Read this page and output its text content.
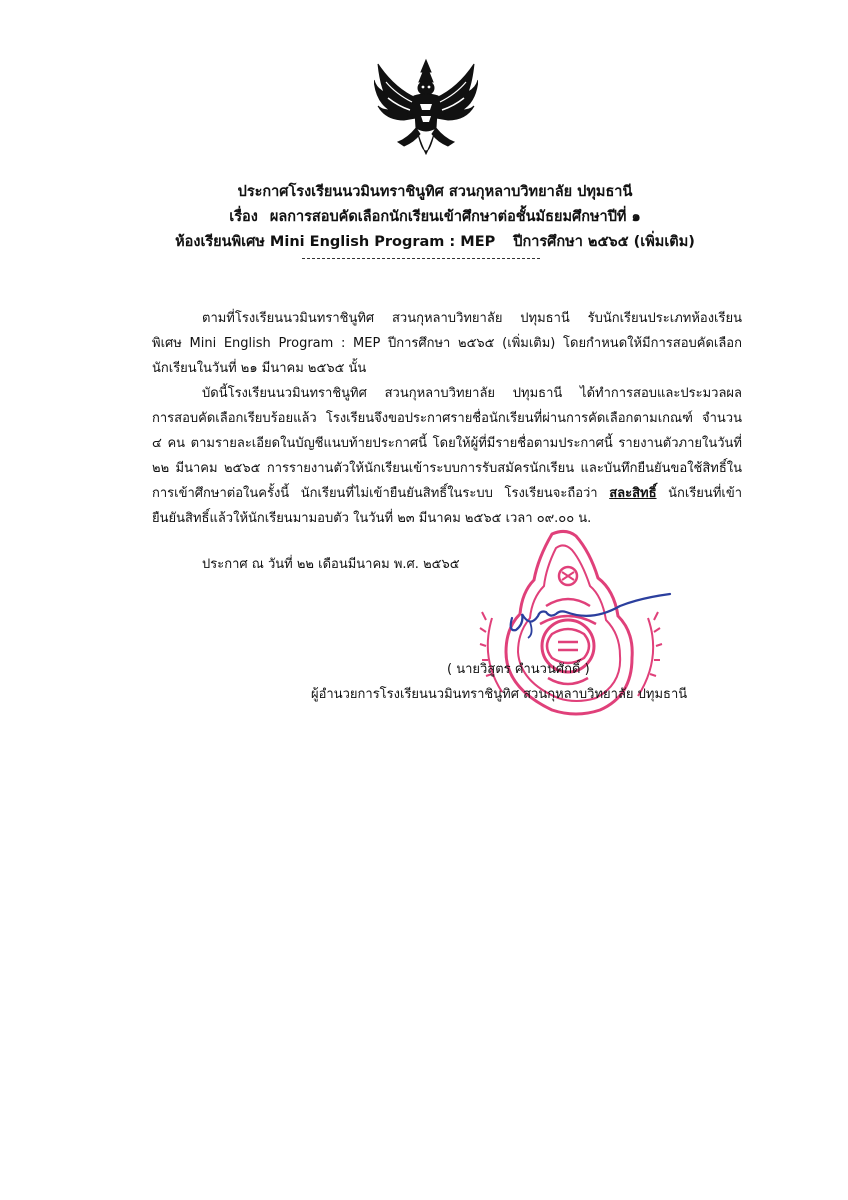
ประกาศโรงเรียนนวมินทราชินูทิศ สวนกุหลาบวิทยาลัย ปทุมธานี
เรื่อง ผลการสอบคัดเลือกนักเรียนเข้าศึกษาต่อชั้นมัธยมศึกษาปีที่ ๑
ห้องเรียนพิเศษ Mini English Program : MEP ปีการศึกษา ๒๕๖๕ (เพิ่มเติม)

ตามที่โรงเรียนนวมินทราชินูทิศ สวนกุหลาบวิทยาลัย ปทุมธานี รับนักเรียนประเภทห้องเรียน

พิเศษ Mini English Program : MEP ปีการศึกษา ๒๕๖๕ (เพิ่มเติม) โดยกำหนดให้มีการสอบคัดเลือก

นักเรียนในวันที่ ๒๑ มีนาคม ๒๕๖๕ นั้น

บัดนี้โรงเรียนนวมินทราชินูทิศ สวนกุหลาบวิทยาลัย ปทุมธานี ได้ทำการสอบและประมวลผล

การสอบคัดเลือกเรียบร้อยแล้ว โรงเรียนจึงขอประกาศรายชื่อนักเรียนที่ผ่านการคัดเลือกตามเกณฑ์ จำนวน

๔ คน ตามรายละเอียดในบัญชีแนบท้ายประกาศนี้ โดยให้ผู้ที่มีรายชื่อตามประกาศนี้ รายงานตัวภายในวันที่

๒๒ มีนาคม ๒๕๖๕ การรายงานตัวให้นักเรียนเข้าระบบการรับสมัครนักเรียน และบันทึกยืนยันขอใช้สิทธิ์ใน

การเข้าศึกษาต่อในครั้งนี้ นักเรียนที่ไม่เข้ายืนยันสิทธิ์ในระบบ โรงเรียนจะถือว่า สละสิทธิ์ นักเรียนที่เข้า

ยืนยันสิทธิ์แล้วให้นักเรียนมามอบตัว ในวันที่ ๒๓ มีนาคม ๒๕๖๕ เวลา ๐๙.๐๐ น.

ประกาศ ณ วันที่ ๒๒ เดือนมีนาคม พ.ศ. ๒๕๖๕
( นายวิสูตร คำนวนศักดิ์ )
ผู้อำนวยการโรงเรียนนวมินทราชินูทิศ สวนกุหลาบวิทยาลัย ปทุมธานี
